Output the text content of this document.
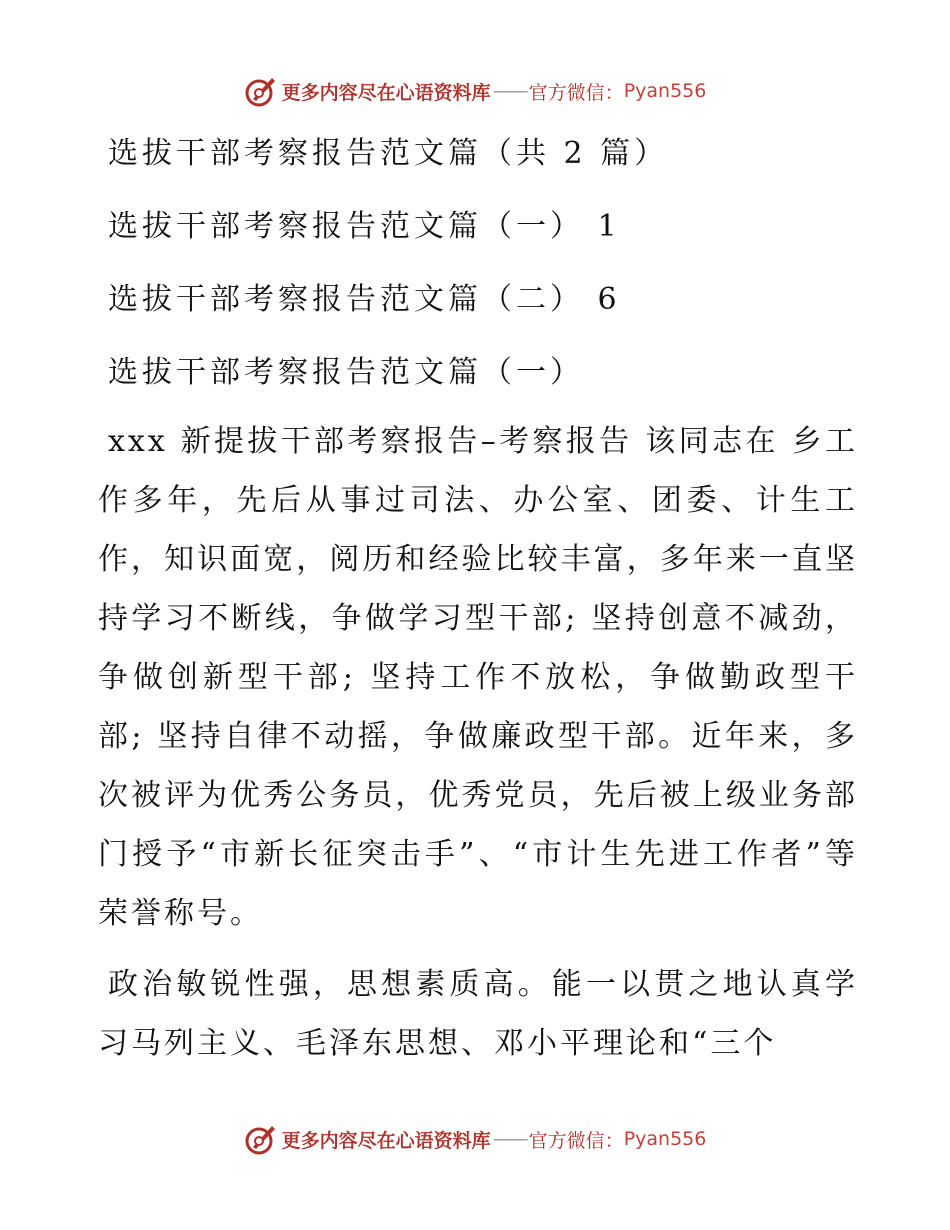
更多内容尽在心语资料库 —— 官方微信： Pyan556
选拔干部考察报告范文篇（共 2 篇）
选拔干部考察报告范文篇（一） 1
选拔干部考察报告范文篇（二） 6
选拔干部考察报告范文篇（一）
xxx 新提拔干部考察报告–考察报告 该同志在 乡工作多年，先后从事过司法、办公室、团委、计生工作，知识面宽，阅历和经验比较丰富，多年来一直坚持学习不断线，争做学习型干部; 坚持创意不减劲，争做创新型干部; 坚持工作不放松，争做勤政型干部; 坚持自律不动摇，争做廉政型干部。近年来，多次被评为优秀公务员，优秀党员，先后被上级业务部门授予“市新长征突击手”、“市计生先进工作者”等荣誉称号。
政治敏锐性强，思想素质高。能一以贯之地认真学习马列主义、毛泽东思想、邓小平理论和“三个
更多内容尽在心语资料库 —— 官方微信： Pyan556
